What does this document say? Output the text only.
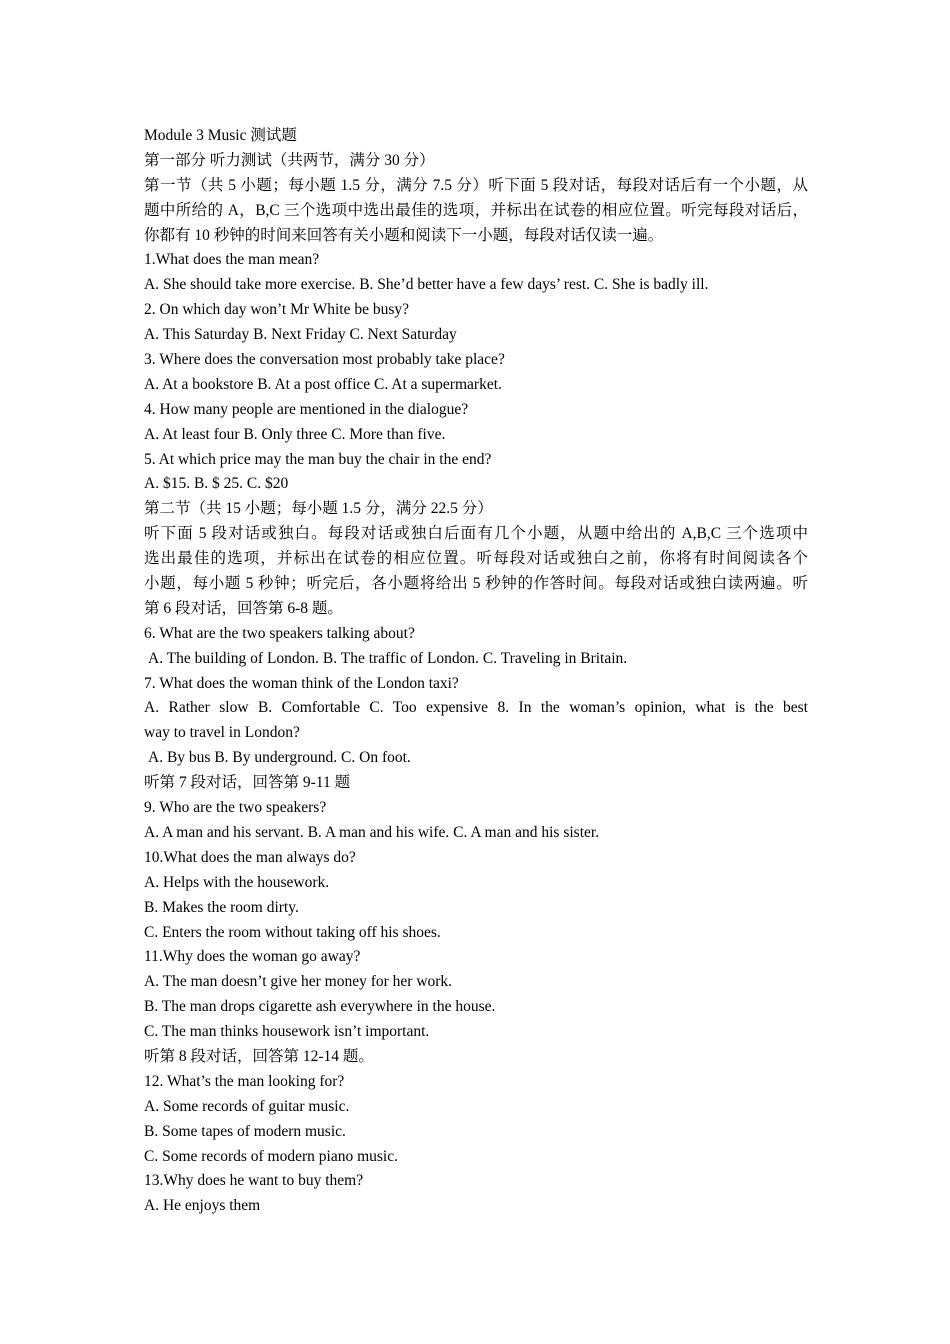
Module 3 Music 测试题
第一部分 听力测试（共两节，满分 30 分）
第一节（共 5 小题；每小题 1.5 分，满分 7.5 分）听下面 5 段对话，每段对话后有一个小题，从
题中所给的 A，B,C 三个选项中选出最佳的选项，并标出在试卷的相应位置。听完每段对话后，
你都有 10 秒钟的时间来回答有关小题和阅读下一小题，每段对话仅读一遍。
1.What does the man mean?
A. She should take more exercise. B. She’d better have a few days’ rest. C. She is badly ill.
2. On which day won’t Mr White be busy?
A. This Saturday B. Next Friday C. Next Saturday
3. Where does the conversation most probably take place?
A. At a bookstore B. At a post office C. At a supermarket.
4. How many people are mentioned in the dialogue?
A. At least four B. Only three C. More than five.
5. At which price may the man buy the chair in the end?
A. $15. B. $ 25. C. $20
第二节（共 15 小题；每小题 1.5 分，满分 22.5 分）
听下面 5 段对话或独白。每段对话或独白后面有几个小题，从题中给出的 A,B,C 三个选项中
选出最佳的选项，并标出在试卷的相应位置。听每段对话或独白之前，你将有时间阅读各个
小题，每小题 5 秒钟；听完后，各小题将给出 5 秒钟的作答时间。每段对话或独白读两遍。听
第 6 段对话，回答第 6-8 题。
6. What are the two speakers talking about?
A. The building of London. B. The traffic of London. C. Traveling in Britain.
7. What does the woman think of the London taxi?
A. Rather slow B. Comfortable C. Too expensive 8. In the woman’s opinion, what is the best
way to travel in London?
A. By bus B. By underground. C. On foot.
听第 7 段对话，回答第 9-11 题
9. Who are the two speakers?
A. A man and his servant. B. A man and his wife. C. A man and his sister.
10.What does the man always do?
A. Helps with the housework.
B. Makes the room dirty.
C. Enters the room without taking off his shoes.
11.Why does the woman go away?
A. The man doesn’t give her money for her work.
B. The man drops cigarette ash everywhere in the house.
C. The man thinks housework isn’t important.
听第 8 段对话，回答第 12-14 题。
12. What’s the man looking for?
A. Some records of guitar music.
B. Some tapes of modern music.
C. Some records of modern piano music.
13.Why does he want to buy them?
A. He enjoys them
